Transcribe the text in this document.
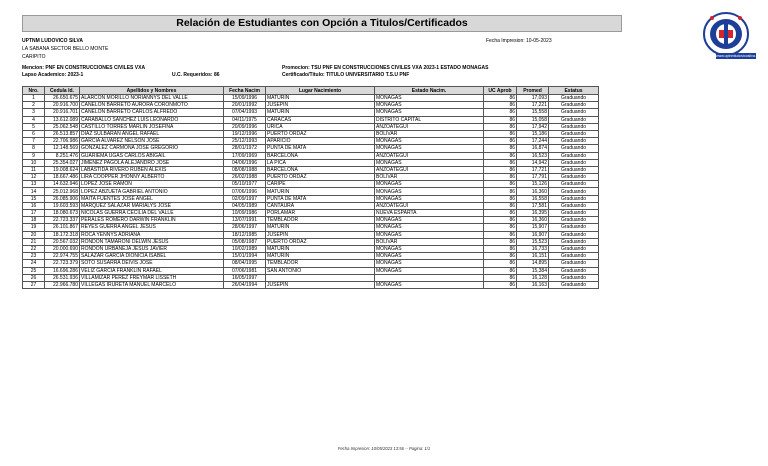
Relación de Estudiantes con Opción a Titulos/Certificados
www.uptnmludovicosilva.edu.ve
UPTNM LUDOVICO SILVA
LA SABANA SECTOR BELLO MONTE
CARIPITO
Fecha Impresion: 10-05-2023
Mencion: PNF EN CONSTRUCCIONES CIVILES VXA
Lapso Academico: 2023-1	U.C. Requeridos: 86
Promocion: TSU PNF EN CONSTRUCCIONES CIVILES VXA 2023-1 ESTADO MONAGAS
Certificado/Titulo: TITULO UNIVERSITARIO T.S.U PNF
Nro.	Cedula Id.	Apellidos y Nombres	Fecha Nacim	Lugar Nacimiento	Estado Nacim.	UC Aprob	Promed	Estatus
1	26.650.675	ALARCON MORILLO NORIANNYS DEL VALLE	15/09/1996	MATURIN	MONAGAS	86	17,093	Graduando
2	20.916.700	CANELON BARRETO AURORA CORONMOTO	20/01/1992	JUSEPIN	MONAGAS	86	17,221	Graduando
3	20.916.701	CANELON BARRETO CARLOS ALFREDO	07/04/1993	MATURIN	MONAGAS	86	15,558	Graduando
4	13.612.089	CARABALLO SANCHEZ LUIS LEONARDO	04/11/1975	CARACAS	DISTRITO CAPITAL	86	15,058	Graduando
5	25.062.548	CASTILLO TORRES MARLIN JOSEFINA	20/09/1996	URICA	ANZOATEGUI	86	17,942	Graduando
6	26.513.857	DIAZ SULBARAN ANGEL RAFAEL	19/12/1996	PUERTO ORDAZ	BOLIVAR	86	15,186	Graduando
7	22.706.986	GARCIA ALVAREZ NELSON JOSE	25/12/1993	APARICIO	MONAGAS	86	17,244	Graduando
8	12.148.569	GONZALEZ CARMONA JOSE GREGORIO	28/01/1972	PUNTA DE MATA	MONAGAS	86	16,874	Graduando
9	8.251.476	GUARIEMA UGAS CARLOS ABIGAIL	17/09/1969	BARCELONA	ANZOATEGUI	86	16,523	Graduando
10	25.354.027	JIMENEZ PAGOLA ALEJANDRO JOSE	04/06/1996	LA PICA	MONAGAS	86	14,942	Graduando
11	19.008.624	LABASTIDA RIVERO RUBEN ALEXIS	08/08/1988	BARCELONA	ANZOATEGUI	86	17,721	Graduando
12	18.667.486	LIRA COOPPER JHONNY ALBERTO	26/02/1988	PUERTO ORDAZ	BOLIVAR	86	17,791	Graduando
13	14.632.946	LOPEZ JOSE RAMON	05/10/1977	CARIPE	MONAGAS	86	15,126	Graduando
14	25.012.968	LOPEZ ABZUETA GABRIEL ANTONIO	07/06/1996	MATURIN	MONAGAS	86	16,360	Graduando
15	26.085.906	MAITA FUENTES JOSE ANGEL	02/09/1997	PUNTA DE MATA	MONAGAS	86	16,558	Graduando
16	19.603.593	MARQUEZ SALAZAR MARIALYS JOSE	04/05/1989	CANTAURA	ANZOATEGUI	86	17,581	Graduando
17	18.080.673	NICOLAS GUERRA CECILIA DEL VALLE	10/09/1986	PORLAMAR	NUEVA ESPARTA	86	16,395	Graduando
18	22.723.337	PERALES ROMERO DARWIN FRANKLIN	13/07/1991	TEMBLADOR	MONAGAS	86	16,360	Graduando
19	26.101.867	REYES GUERRA ANGEL JESUS	28/06/1997	MATURIN	MONAGAS	86	15,907	Graduando
20	18.172.318	ROCA YENNYS ADRIANA	18/12/1985	JUSEPIN	MONAGAS	86	16,907	Graduando
21	20.567.032	RONDON TAMARONI DELWIN JESUS	05/08/1987	PUERTO ORDAZ	BOLIVAR	86	15,523	Graduando
22	20.000.690	RONDON URBANEJA JESUS JAVIER	10/02/1989	MATURIN	MONAGAS	86	16,733	Graduando
23	22.974.755	SALAZAR GARCIA DIONICIA ISABEL	15/01/1994	MATURIN	MONAGAS	86	16,151	Graduando
24	22.723.379	SOTO SUSARRA DEIVIS JOSE	08/04/1995	TEMBLADOR	MONAGAS	86	14,895	Graduando
25	16.696.286	VELIZ GARCIA FRANKLIN RAFAEL	07/06/1981	SAN ANTONIO	MONAGAS	86	15,384	Graduando
26	26.531.936	VILLAMIZAR PEREZ FREYMAR LISSETH	16/05/1997			86	16,128	Graduando
27	22.966.780	VILLEGAS IRURETA MANUEL MARCELO	26/04/1994	JUSEPIN	MONAGAS	86	16,163	Graduando
Fecha Impresion: 10/05/2023 13:56 -- Pagina: 1/1
